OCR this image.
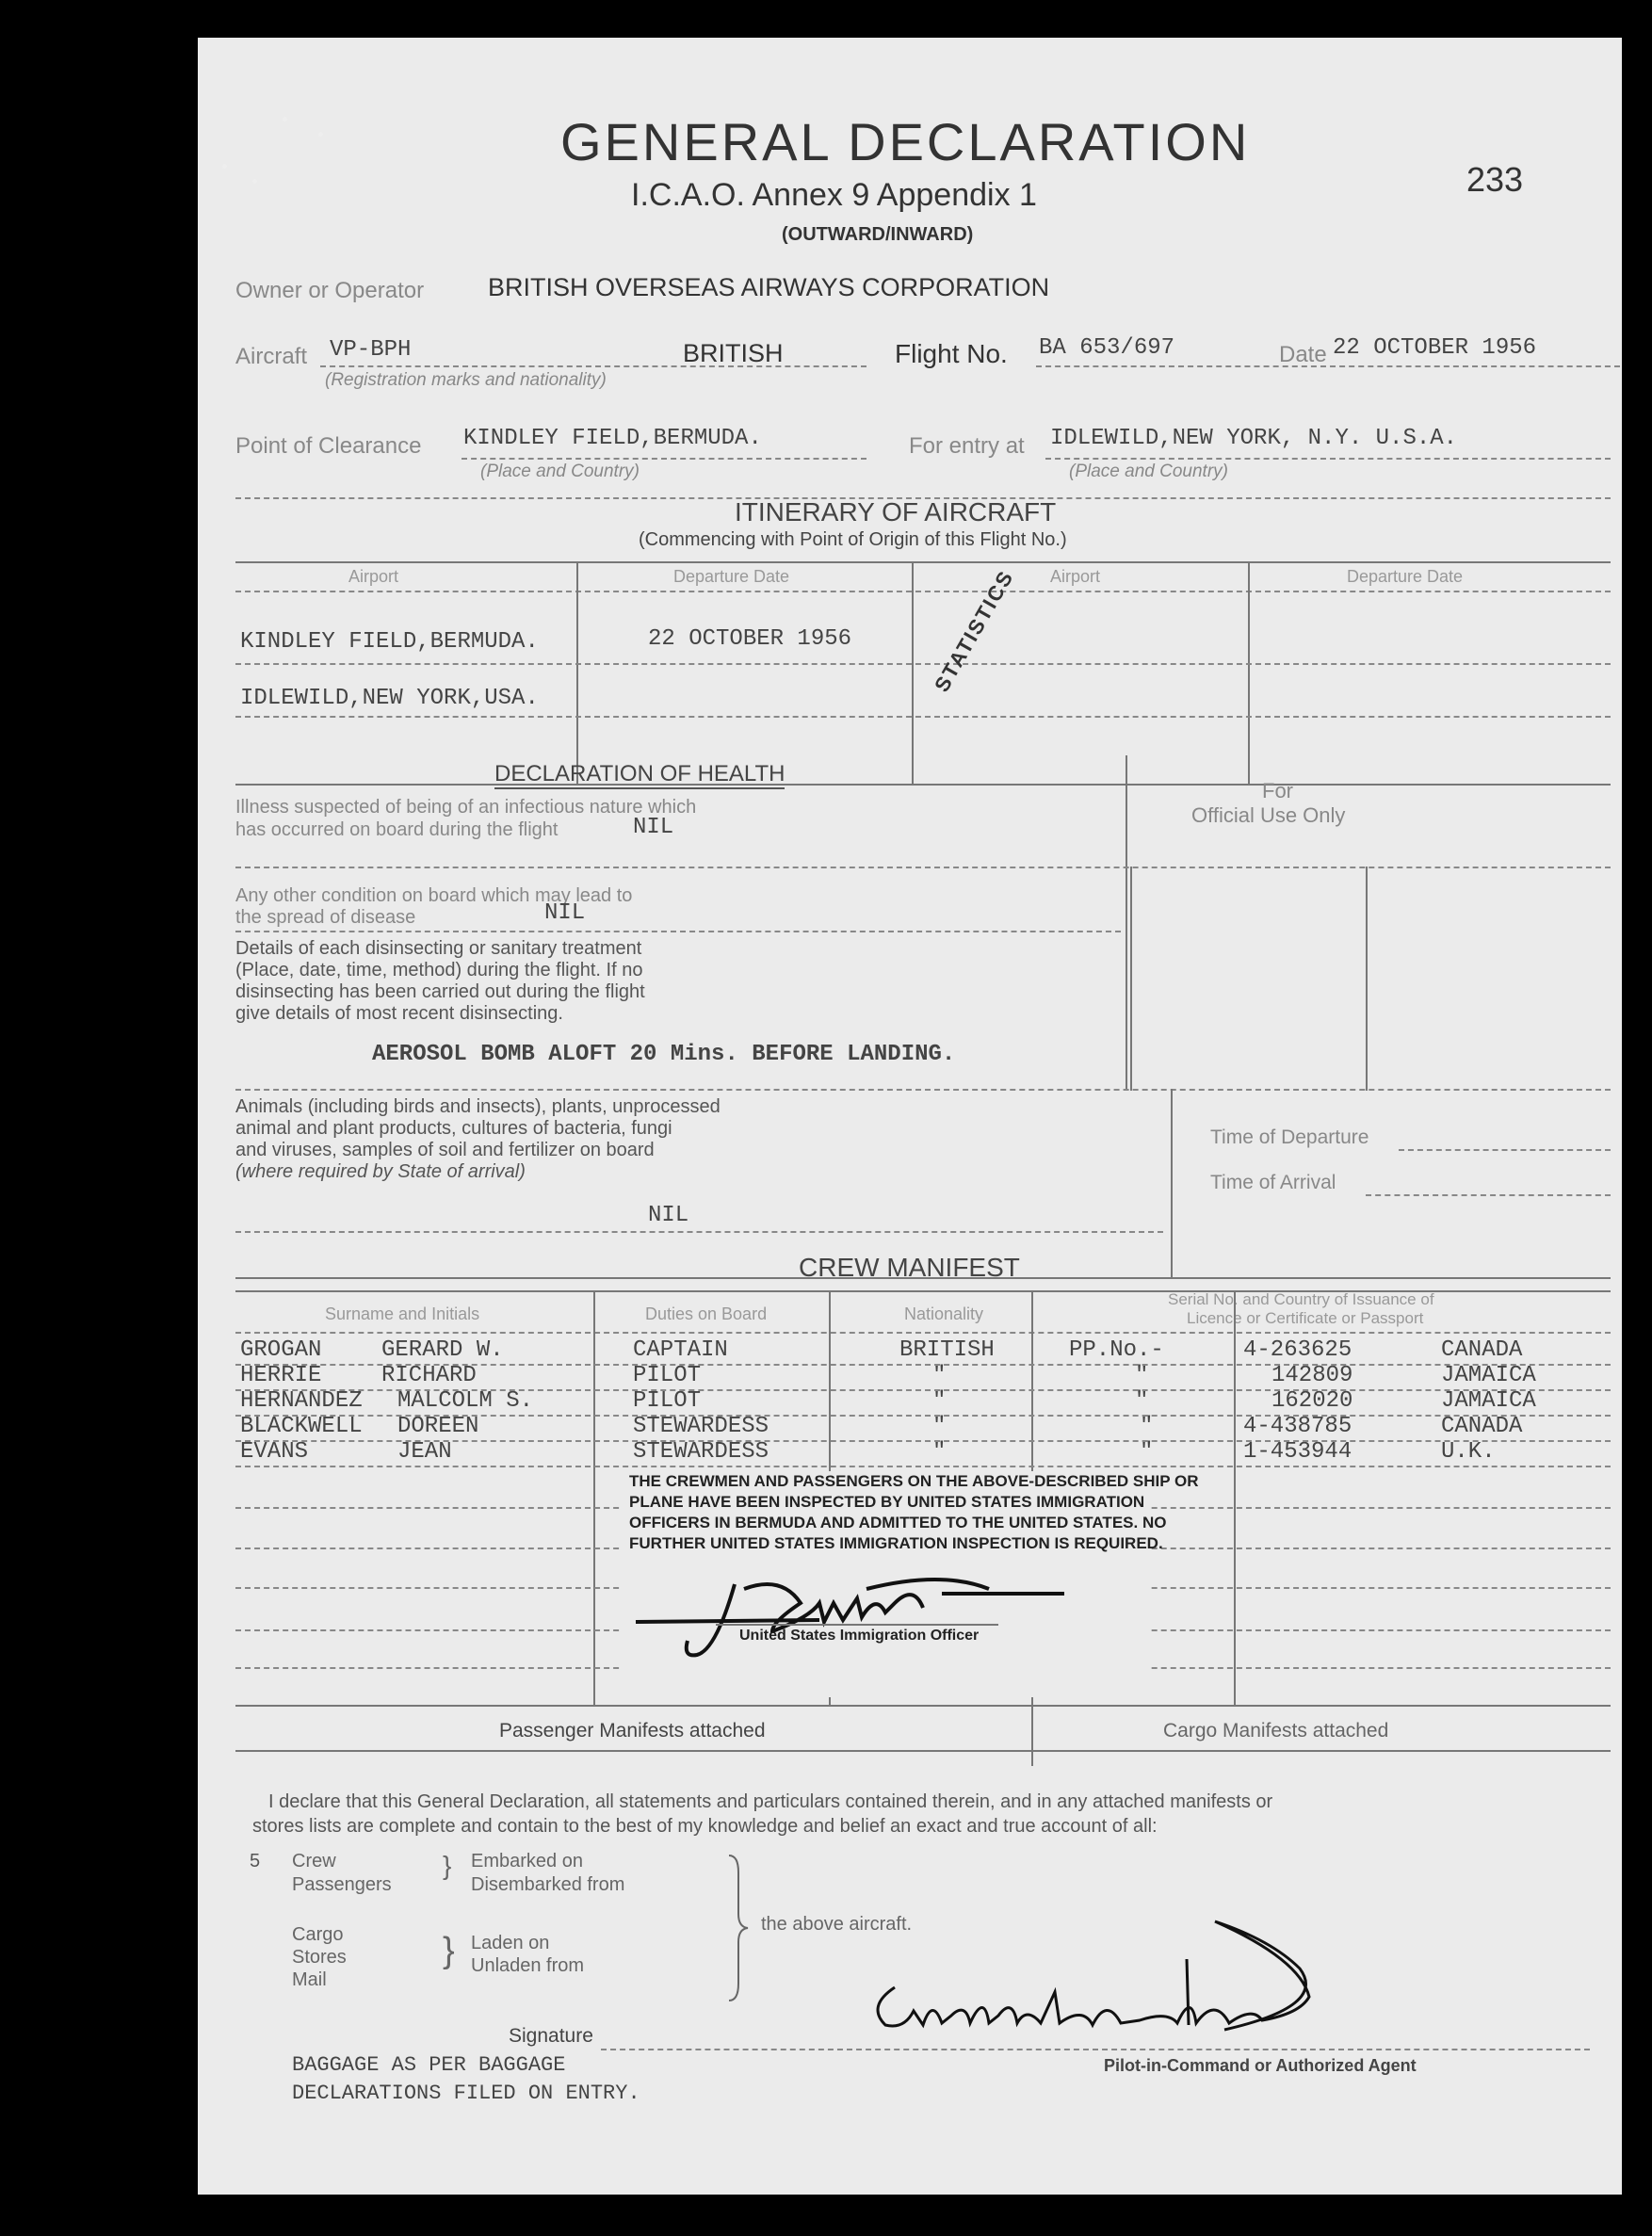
GENERAL DECLARATION
I.C.A.O. Annex 9 Appendix 1
(OUTWARD/INWARD)
233
Owner or Operator	BRITISH OVERSEAS AIRWAYS CORPORATION
Aircraft VP-BPH	BRITISH
(Registration marks and nationality)
Flight No. BA 653/697	Date 22 OCTOBER 1956
Point of Clearance KINDLEY FIELD,BERMUDA.
(Place and Country)
For entry at IDLEWILD,NEW YORK, N.Y. U.S.A.
(Place and Country)
ITINERARY OF AIRCRAFT
(Commencing with Point of Origin of this Flight No.)
Airport	Departure Date	Airport	Departure Date
KINDLEY FIELD,BERMUDA.	22 OCTOBER 1956
IDLEWILD,NEW YORK,USA.
STATISTICS
DECLARATION OF HEALTH
For
Official Use Only
Illness suspected of being of an infectious nature which
has occurred on board during the flight	NIL
Any other condition on board which may lead to
the spread of disease	NIL
Details of each disinsecting or sanitary treatment
(Place, date, time, method) during the flight. If no
disinsecting has been carried out during the flight
give details of most recent disinsecting.
AEROSOL BOMB ALOFT 20 Mins. BEFORE LANDING.
Animals (including birds and insects), plants, unprocessed
animal and plant products, cultures of bacteria, fungi
and viruses, samples of soil and fertilizer on board
(where required by State of arrival)
NIL
Time of Departure
Time of Arrival
CREW MANIFEST
Surname and Initials	Duties on Board	Nationality
Serial No. and Country of Issuance of
Licence or Certificate or Passport
GROGAN	GERARD W.	CAPTAIN	BRITISH	PP.No.-	4-263625	CANADA
HERRIE	RICHARD	PILOT	"	"	142809	JAMAICA
HERNANDEZ MALCOLM S.	PILOT	"	"	162020	JAMAICA
BLACKWELL DOREEN	STEWARDESS	"	"	4-438785	CANADA
EVANS	JEAN	STEWARDESS	"	"	1-453944	U.K.
THE CREWMEN AND PASSENGERS ON THE ABOVE-DESCRIBED SHIP OR
PLANE HAVE BEEN INSPECTED BY UNITED STATES IMMIGRATION
OFFICERS IN BERMUDA AND ADMITTED TO THE UNITED STATES. NO
FURTHER UNITED STATES IMMIGRATION INSPECTION IS REQUIRED.
United States Immigration Officer
Passenger Manifests attached	Cargo Manifests attached
I declare that this General Declaration, all statements and particulars contained therein, and in any attached manifests or
stores lists are complete and contain to the best of my knowledge and belief an exact and true account of all:
5 Crew
Passengers
} Embarked on
Disembarked from
Cargo
Stores
Mail
} Laden on
Unladen from
the above aircraft.
Signature
Pilot-in-Command or Authorized Agent
BAGGAGE AS PER BAGGAGE
DECLARATIONS FILED ON ENTRY.
